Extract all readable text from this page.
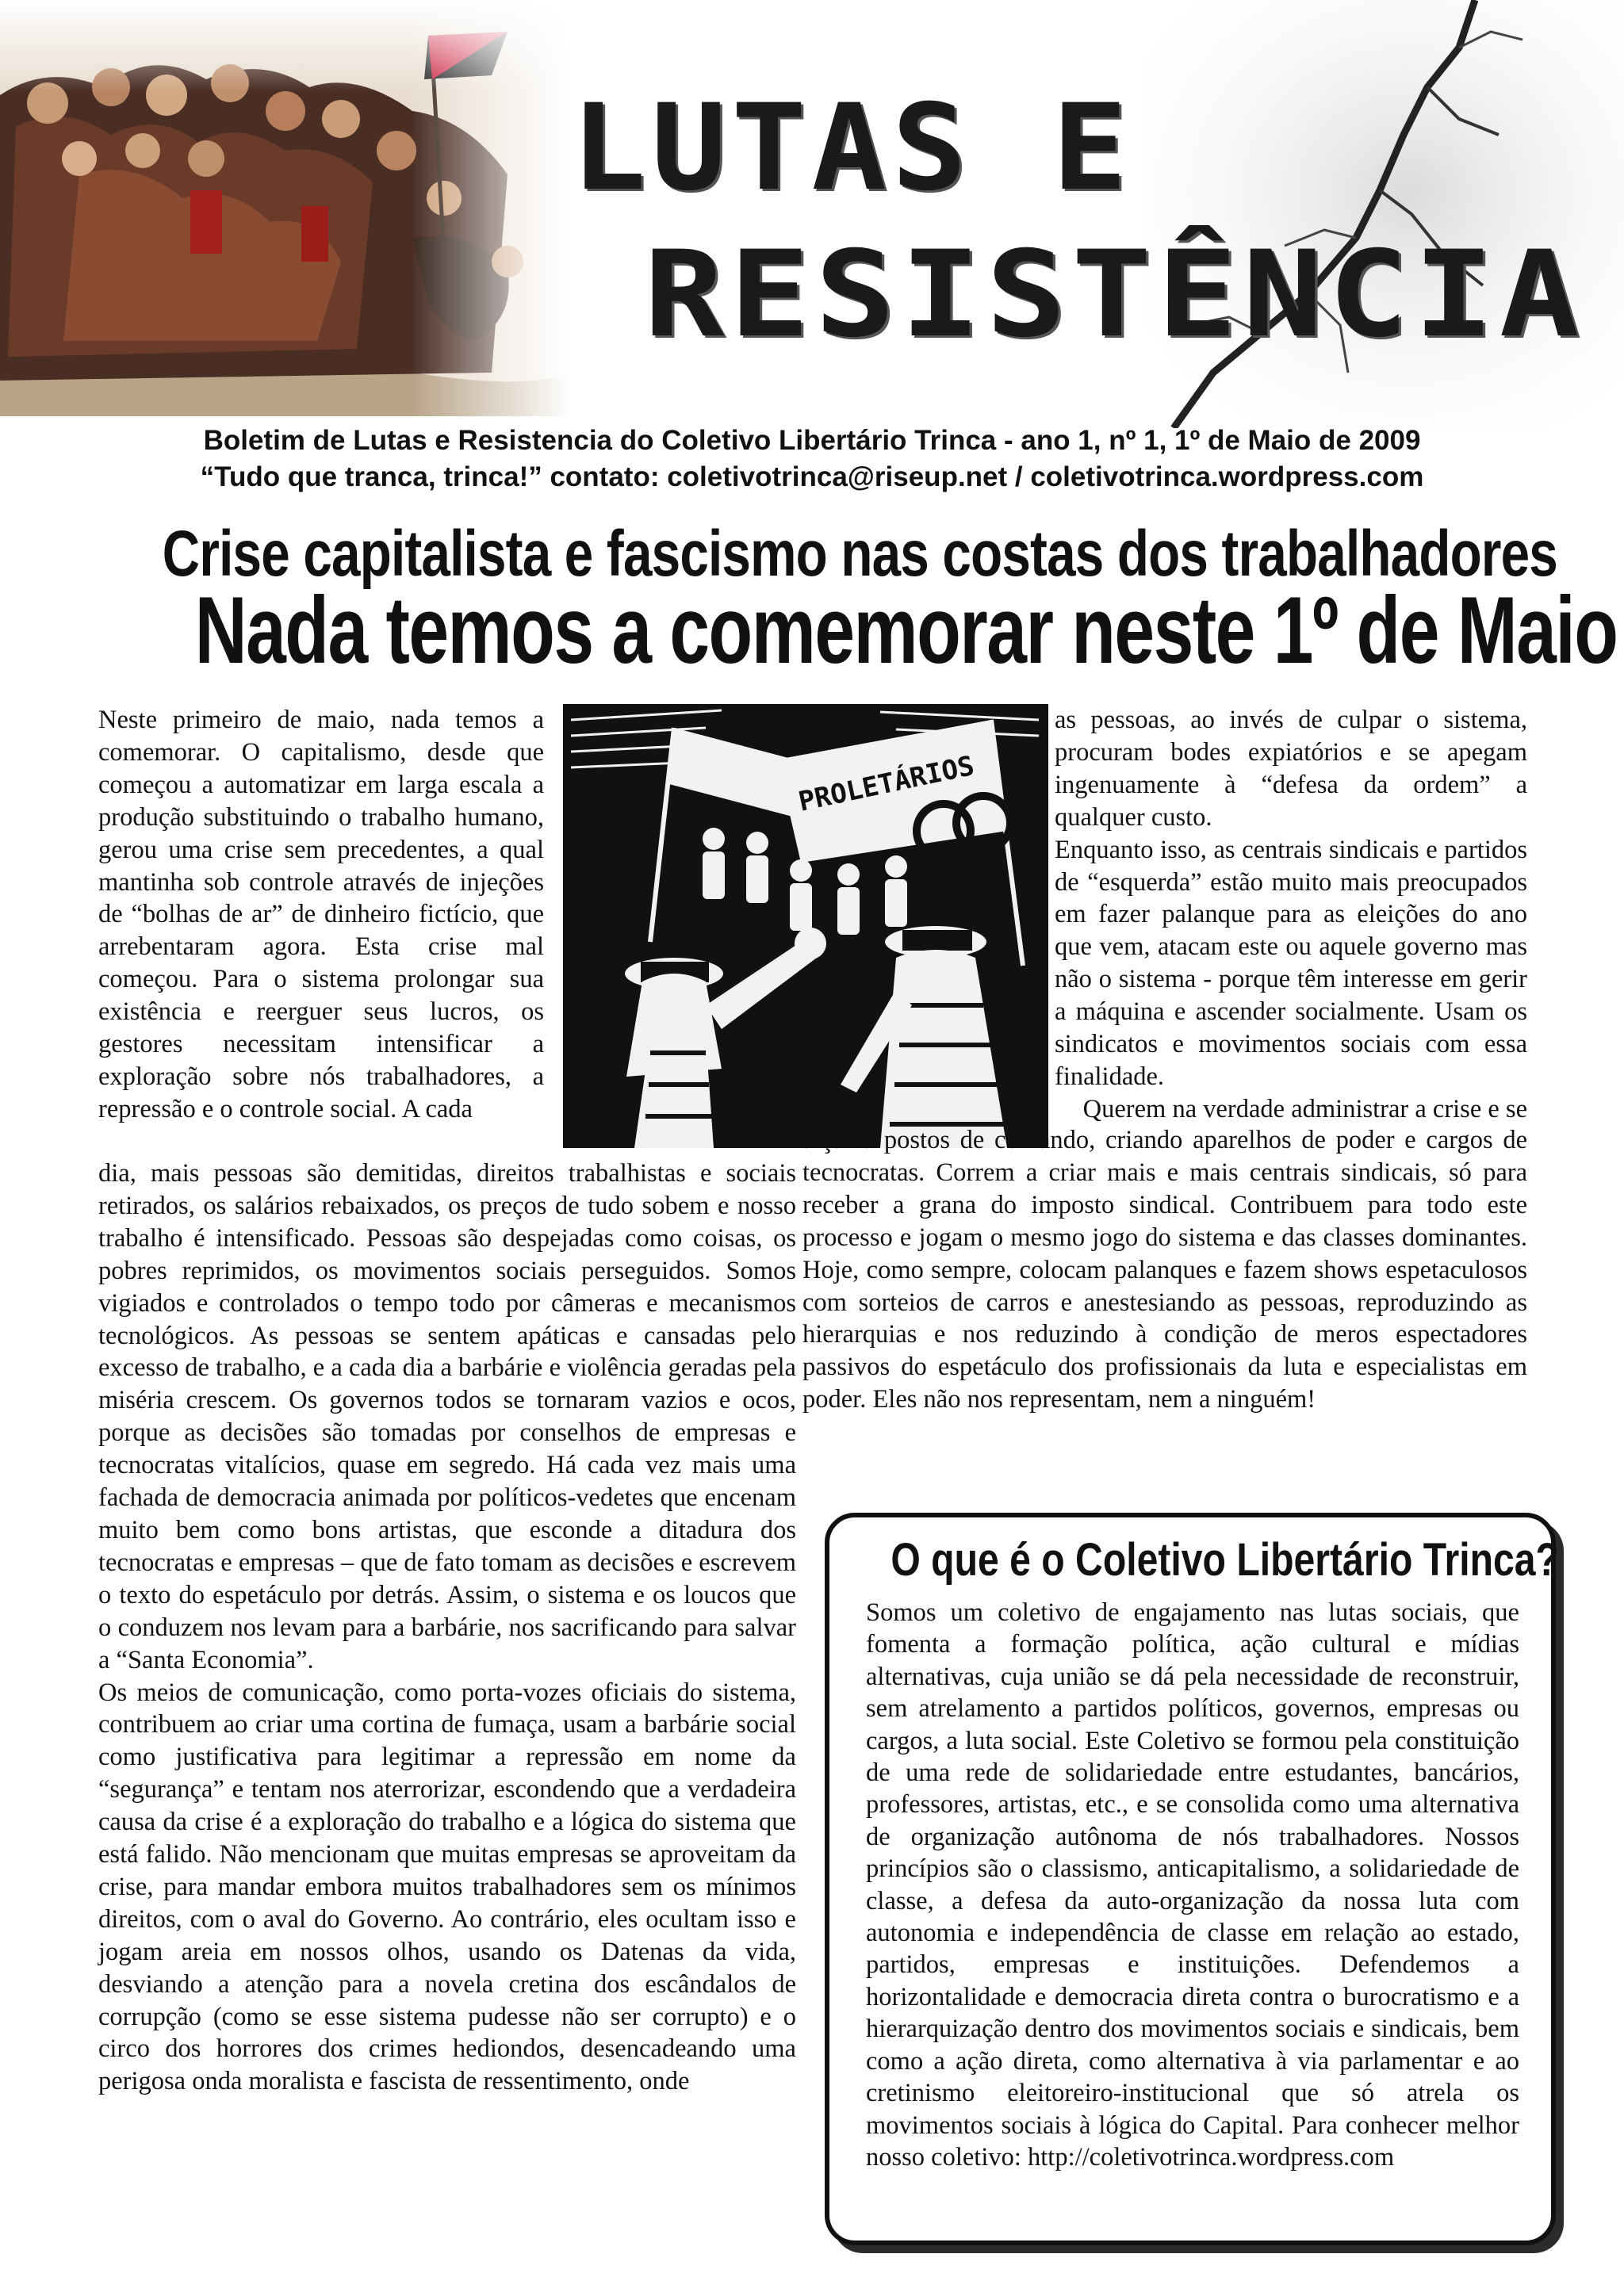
LUTAS E
RESISTÊNCIA
Boletim de Lutas e Resistencia do Coletivo Libertário Trinca - ano 1, nº 1, 1º de Maio de 2009
“Tudo que tranca, trinca!” contato: coletivotrinca@riseup.net / coletivotrinca.wordpress.com
Crise capitalista e fascismo nas costas dos trabalhadores
Nada temos a comemorar neste 1º de Maio
PROLETÁRIOS

Neste primeiro de maio, nada temos a comemorar. O capitalismo, desde que começou a automatizar em larga escala a produção substituindo o trabalho humano, gerou uma crise sem precedentes, a qual mantinha sob controle através de injeções de “bolhas de ar” de dinheiro fictício, que arrebentaram agora. Esta crise mal começou. Para o sistema prolongar sua existência e reerguer seus lucros, os gestores necessitam intensificar a exploração sobre nós trabalhadores, a repressão e o controle social. A cada

dia, mais pessoas são demitidas, direitos trabalhistas e sociais retirados, os salários rebaixados, os preços de tudo sobem e nosso trabalho é intensificado. Pessoas são despejadas como coisas, os pobres reprimidos, os movimentos sociais perseguidos. Somos vigiados e controlados o tempo todo por câmeras e mecanismos tecnológicos. As pessoas se sentem apáticas e cansadas pelo excesso de trabalho, e a cada dia a barbárie e violência geradas pela miséria crescem. Os governos todos se tornaram vazios e ocos, porque as decisões são tomadas por conselhos de empresas e tecnocratas vitalícios, quase em segredo. Há cada vez mais uma fachada de democracia animada por políticos-vedetes que encenam muito bem como bons artistas, que esconde a ditadura dos tecnocratas e empresas – que de fato tomam as decisões e escrevem o texto do espetáculo por detrás. Assim, o sistema e os loucos que o conduzem nos levam para a barbárie, nos sacrificando para salvar a “Santa Economia”.

Os meios de comunicação, como porta-vozes oficiais do sistema, contribuem ao criar uma cortina de fumaça, usam a barbárie social como justificativa para legitimar a repressão em nome da “segurança” e tentam nos aterrorizar, escondendo que a verdadeira causa da crise é a exploração do trabalho e a lógica do sistema que está falido. Não mencionam que muitas empresas se aproveitam da crise, para mandar embora muitos trabalhadores sem os mínimos direitos, com o aval do Governo. Ao contrário, eles ocultam isso e jogam areia em nossos olhos, usando os Datenas da vida, desviando a atenção para a novela cretina dos escândalos de corrupção (como se esse sistema pudesse não ser corrupto) e o circo dos horrores dos crimes hediondos, desencadeando uma perigosa onda moralista e fascista de ressentimento, onde

as pessoas, ao invés de culpar o sistema, procuram bodes expiatórios e se apegam ingenuamente à “defesa da ordem” a qualquer custo.

Enquanto isso, as centrais sindicais e partidos de “esquerda” estão muito mais preocupados em fazer palanque para as eleições do ano que vem, atacam este ou aquele governo mas não o sistema - porque têm interesse em gerir a máquina e ascender socialmente. Usam os sindicatos e movimentos sociais com essa finalidade.

Querem na verdade administrar a crise e se

alçar a postos de comando, criando aparelhos de poder e cargos de tecnocratas. Correm a criar mais e mais centrais sindicais, só para receber a grana do imposto sindical. Contribuem para todo este processo e jogam o mesmo jogo do sistema e das classes dominantes. Hoje, como sempre, colocam palanques e fazem shows espetaculosos com sorteios de carros e anestesiando as pessoas, reproduzindo as hierarquias e nos reduzindo à condição de meros espectadores passivos do espetáculo dos profissionais da luta e especialistas em poder. Eles não nos representam, nem a ninguém!

O que é o Coletivo Libertário Trinca?
Somos um coletivo de engajamento nas lutas sociais, que fomenta a formação política, ação cultural e mídias alternativas, cuja união se dá pela necessidade de reconstruir, sem atrelamento a partidos políticos, governos, empresas ou cargos, a luta social. Este Coletivo se formou pela constituição de uma rede de solidariedade entre estudantes, bancários, professores, artistas, etc., e se consolida como uma alternativa de organização autônoma de nós trabalhadores. Nossos princípios são o classismo, anticapitalismo, a solidariedade de classe, a defesa da auto-organização da nossa luta com autonomia e independência de classe em relação ao estado, partidos, empresas e instituições. Defendemos a horizontalidade e democracia direta contra o burocratismo e a hierarquização dentro dos movimentos sociais e sindicais, bem como a ação direta, como alternativa à via parlamentar e ao cretinismo eleitoreiro-institucional que só atrela os movimentos sociais à lógica do Capital. Para conhecer melhor nosso coletivo: http://coletivotrinca.wordpress.com
